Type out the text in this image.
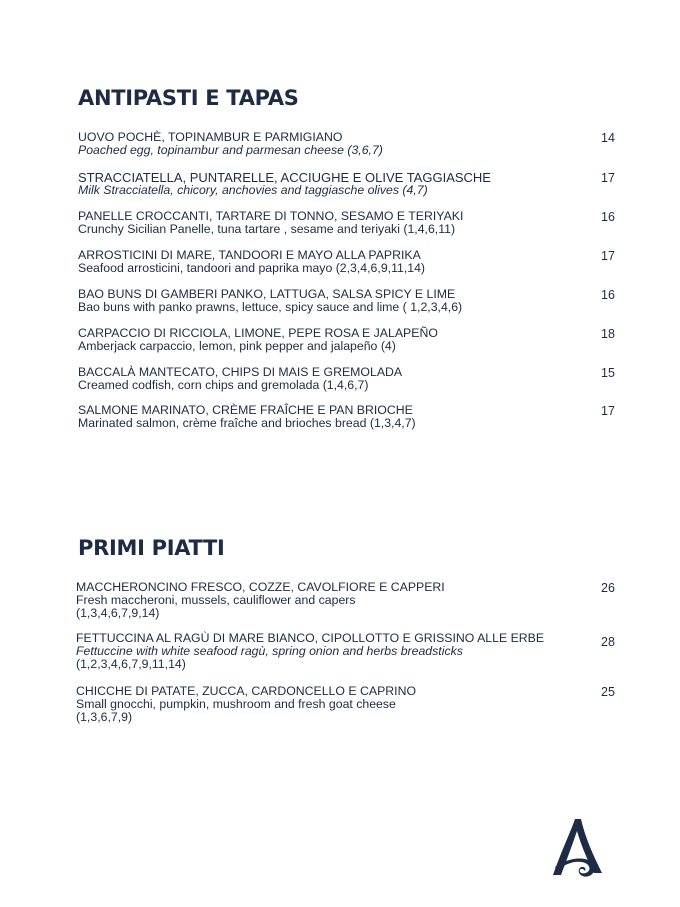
ANTIPASTI E TAPAS
UOVO POCHÈ, TOPINAMBUR E PARMIGIANO
Poached egg, topinambur and parmesan cheese (3,6,7)
14
STRACCIATELLA, PUNTARELLE, ACCIUGHE E OLIVE TAGGIASCHE
Milk Stracciatella, chicory, anchovies and taggiasche olives (4,7)
17
PANELLE CROCCANTI, TARTARE DI TONNO, SESAMO E TERIYAKI
Crunchy Sicilian Panelle, tuna tartare , sesame and teriyaki (1,4,6,11)
16
ARROSTICINI DI MARE, TANDOORI E MAYO ALLA PAPRIKA
Seafood arrosticini, tandoori and paprika mayo (2,3,4,6,9,11,14)
17
BAO BUNS DI GAMBERI PANKO, LATTUGA, SALSA SPICY E LIME
Bao buns with panko prawns, lettuce, spicy sauce and lime ( 1,2,3,4,6)
16
CARPACCIO DI RICCIOLA, LIMONE, PEPE ROSA E JALAPEÑO
Amberjack carpaccio, lemon, pink pepper and jalapeño (4)
18
BACCALÀ MANTECATO, CHIPS DI MAIS E GREMOLADA
Creamed codfish, corn chips and gremolada (1,4,6,7)
15
SALMONE MARINATO, CRÈME FRAÎCHE E PAN BRIOCHE
Marinated salmon, crème fraîche and brioches bread (1,3,4,7)
17
PRIMI PIATTI
MACCHERONCINO FRESCO, COZZE, CAVOLFIORE E CAPPERI
Fresh maccheroni, mussels, cauliflower and capers
(1,3,4,6,7,9,14)
26
FETTUCCINA AL RAGÙ DI MARE BIANCO, CIPOLLOTTO E GRISSINO ALLE ERBE
Fettuccine with white seafood ragù, spring onion and herbs breadsticks
(1,2,3,4,6,7,9,11,14)
28
CHICCHE DI PATATE, ZUCCA, CARDONCELLO E CAPRINO
Small gnocchi, pumpkin, mushroom and fresh goat cheese
(1,3,6,7,9)
25
